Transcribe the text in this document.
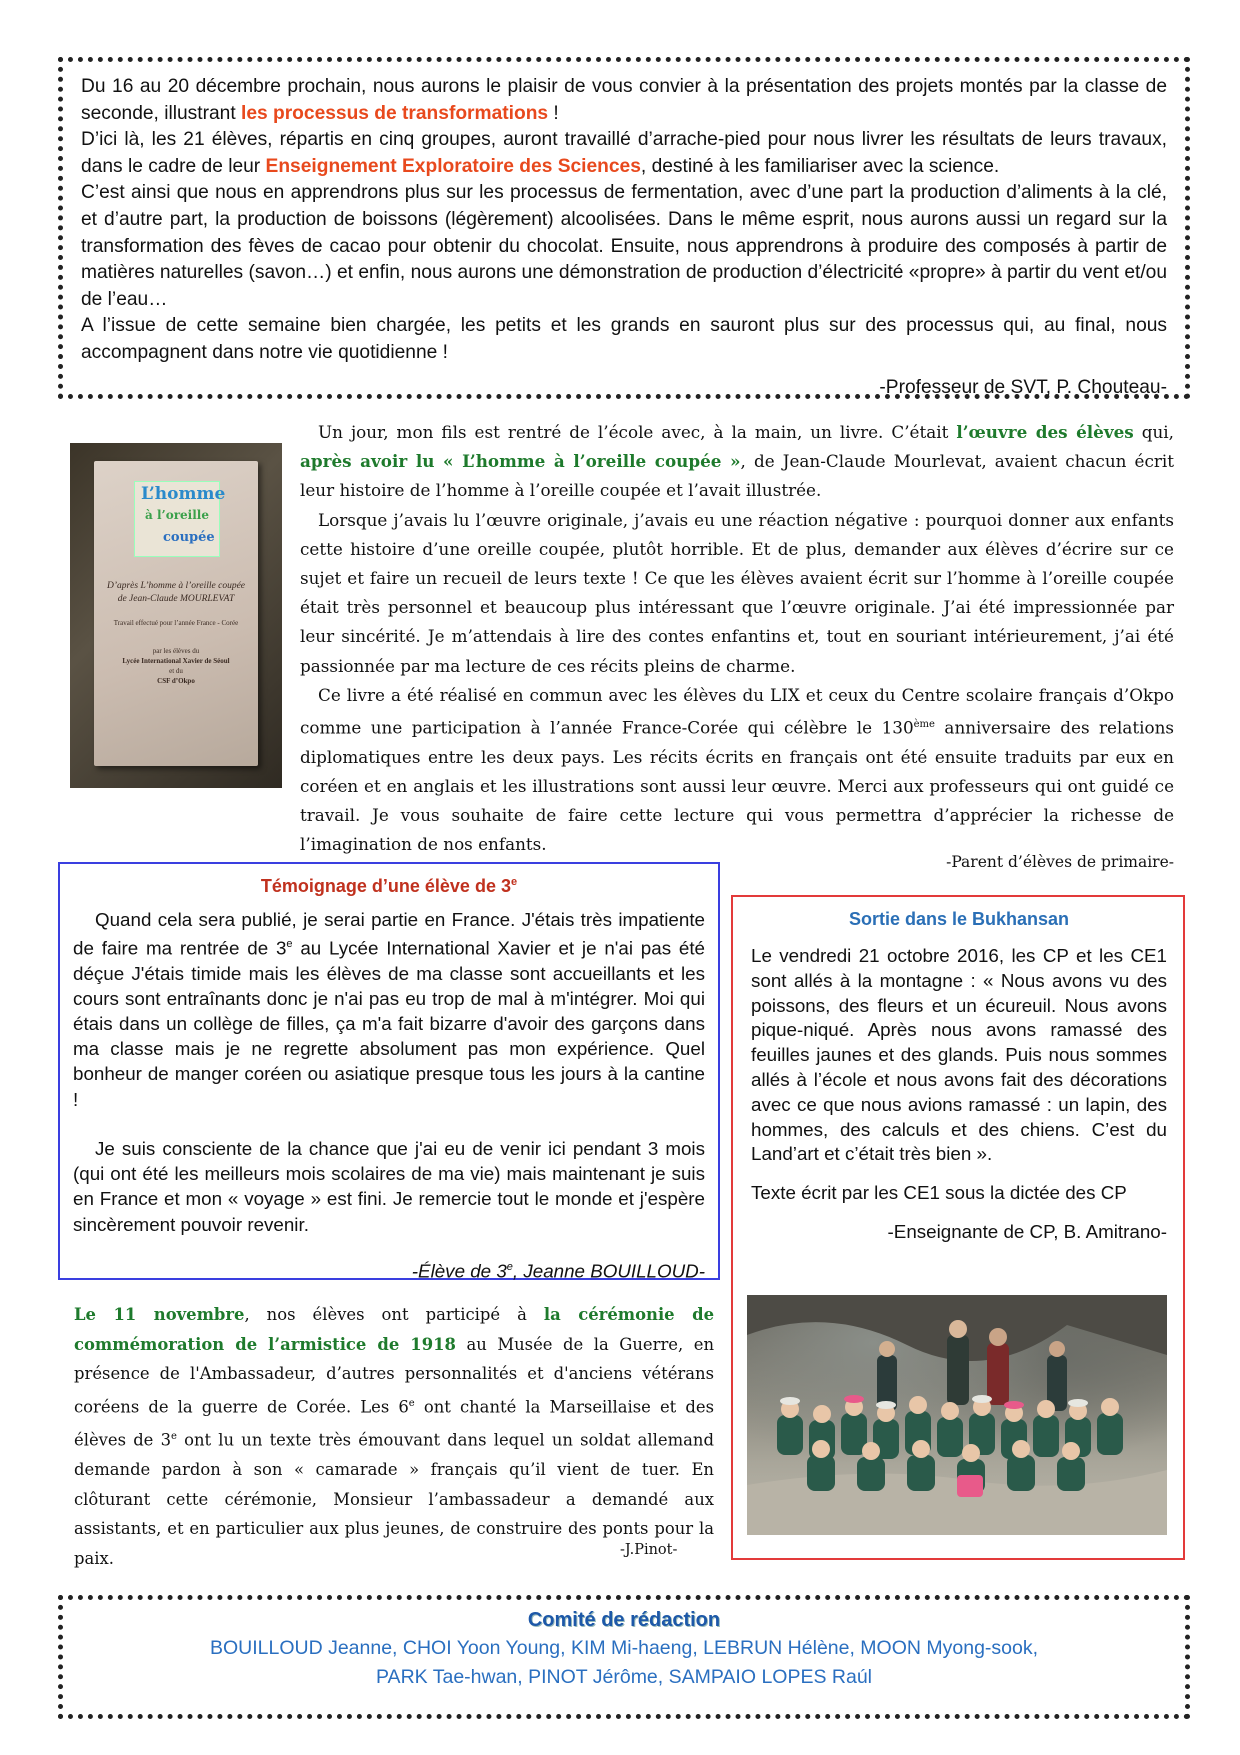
Du 16 au 20 décembre prochain, nous aurons le plaisir de vous convier à la présentation des projets montés par la classe de seconde, illustrant les processus de transformations !

D’ici là, les 21 élèves, répartis en cinq groupes, auront travaillé d’arrache-pied pour nous livrer les résultats de leurs travaux, dans le cadre de leur Enseignement Exploratoire des Sciences, destiné à les familiariser avec la science.

C’est ainsi que nous en apprendrons plus sur les processus de fermentation, avec d’une part la production d’aliments à la clé, et d’autre part, la production de boissons (légèrement) alcoolisées. Dans le même esprit, nous aurons aussi un regard sur la transformation des fèves de cacao pour obtenir du chocolat. Ensuite, nous apprendrons à produire des composés à partir de matières naturelles (savon…) et enfin, nous aurons une démonstration de production d’électricité «propre» à partir du vent et/ou de l’eau…

A l’issue de cette semaine bien chargée, les petits et les grands en sauront plus sur des processus qui, au final, nous accompagnent dans notre vie quotidienne !

-Professeur de SVT, P. Chouteau-

L’homme
à l’oreille
coupée
D’après L’homme à l’oreille coupée
de Jean-Claude MOURLEVAT
Travail effectué pour l’année France - Corée
par les élèves du
Lycée International Xavier de Séoul
et du
CSF d’Okpo

Un jour, mon fils est rentré de l’école avec, à la main, un livre. C’était l’œuvre des élèves qui, après avoir lu « L’homme à l’oreille coupée », de Jean-Claude Mourlevat, avaient chacun écrit leur histoire de l’homme à l’oreille coupée et l’avait illustrée.

Lorsque j’avais lu l’œuvre originale, j’avais eu une réaction négative : pourquoi donner aux enfants cette histoire d’une oreille coupée, plutôt horrible. Et de plus, demander aux élèves d’écrire sur ce sujet et faire un recueil de leurs texte ! Ce que les élèves avaient écrit sur l’homme à l’oreille coupée était très personnel et beaucoup plus intéressant que l’œuvre originale. J’ai été impressionnée par leur sincérité. Je m’attendais à lire des contes enfantins et, tout en souriant intérieurement, j’ai été passionnée par ma lecture de ces récits pleins de charme.

Ce livre a été réalisé en commun avec les élèves du LIX et ceux du Centre scolaire français d’Okpo comme une participation à l’année France-Corée qui célèbre le 130ème anniversaire des relations diplomatiques entre les deux pays. Les récits écrits en français ont été ensuite traduits par eux en coréen et en anglais et les illustrations sont aussi leur œuvre. Merci aux professeurs qui ont guidé ce travail. Je vous souhaite de faire cette lecture qui vous permettra d’apprécier la richesse de l’imagination de nos enfants.

-Parent d’élèves de primaire-
Témoignage d’une élève de 3e

Quand cela sera publié, je serai partie en France. J'étais très impatiente de faire ma rentrée de 3e au Lycée International Xavier et je n'ai pas été déçue J'étais timide mais les élèves de ma classe sont accueillants et les cours sont entraînants donc je n'ai pas eu trop de mal à m'intégrer. Moi qui étais dans un collège de filles, ça m'a fait bizarre d'avoir des garçons dans ma classe mais je ne regrette absolument pas mon expérience. Quel bonheur de manger coréen ou asiatique presque tous les jours à la cantine !

Je suis consciente de la chance que j'ai eu de venir ici pendant 3 mois (qui ont été les meilleurs mois scolaires de ma vie) mais maintenant je suis en France et mon « voyage » est fini. Je remercie tout le monde et j'espère sincèrement pouvoir revenir.

-Élève de 3e, Jeanne BOUILLOUD-

Le 11 novembre, nos élèves ont participé à la cérémonie de commémoration de l’armistice de 1918 au Musée de la Guerre, en présence de l'Ambassadeur, d’autres personnalités et d'anciens vétérans coréens de la guerre de Corée. Les 6e ont chanté la Marseillaise et des élèves de 3e ont lu un texte très émouvant dans lequel un soldat allemand demande pardon à son « camarade » français qu’il vient de tuer. En clôturant cette cérémonie, Monsieur l’ambassadeur a demandé aux assistants, et en particulier aux plus jeunes, de construire des ponts pour la paix.	-J.Pinot-
Sortie dans le Bukhansan

Le vendredi 21 octobre 2016, les CP et les CE1 sont allés à la montagne : « Nous avons vu des poissons, des fleurs et un écureuil. Nous avons pique-niqué. Après nous avons ramassé des feuilles jaunes et des glands. Puis nous sommes allés à l’école et nous avons fait des décorations avec ce que nous avions ramassé : un lapin, des hommes, des calculs et des chiens. C’est du Land’art et c’était très bien ».

Texte écrit par les CE1 sous la dictée des CP

-Enseignante de CP, B. Amitrano-

Comité de rédaction

BOUILLOUD Jeanne, CHOI Yoon Young, KIM Mi-haeng, LEBRUN Hélène, MOON Myong-sook,

PARK Tae-hwan, PINOT Jérôme, SAMPAIO LOPES Raúl
